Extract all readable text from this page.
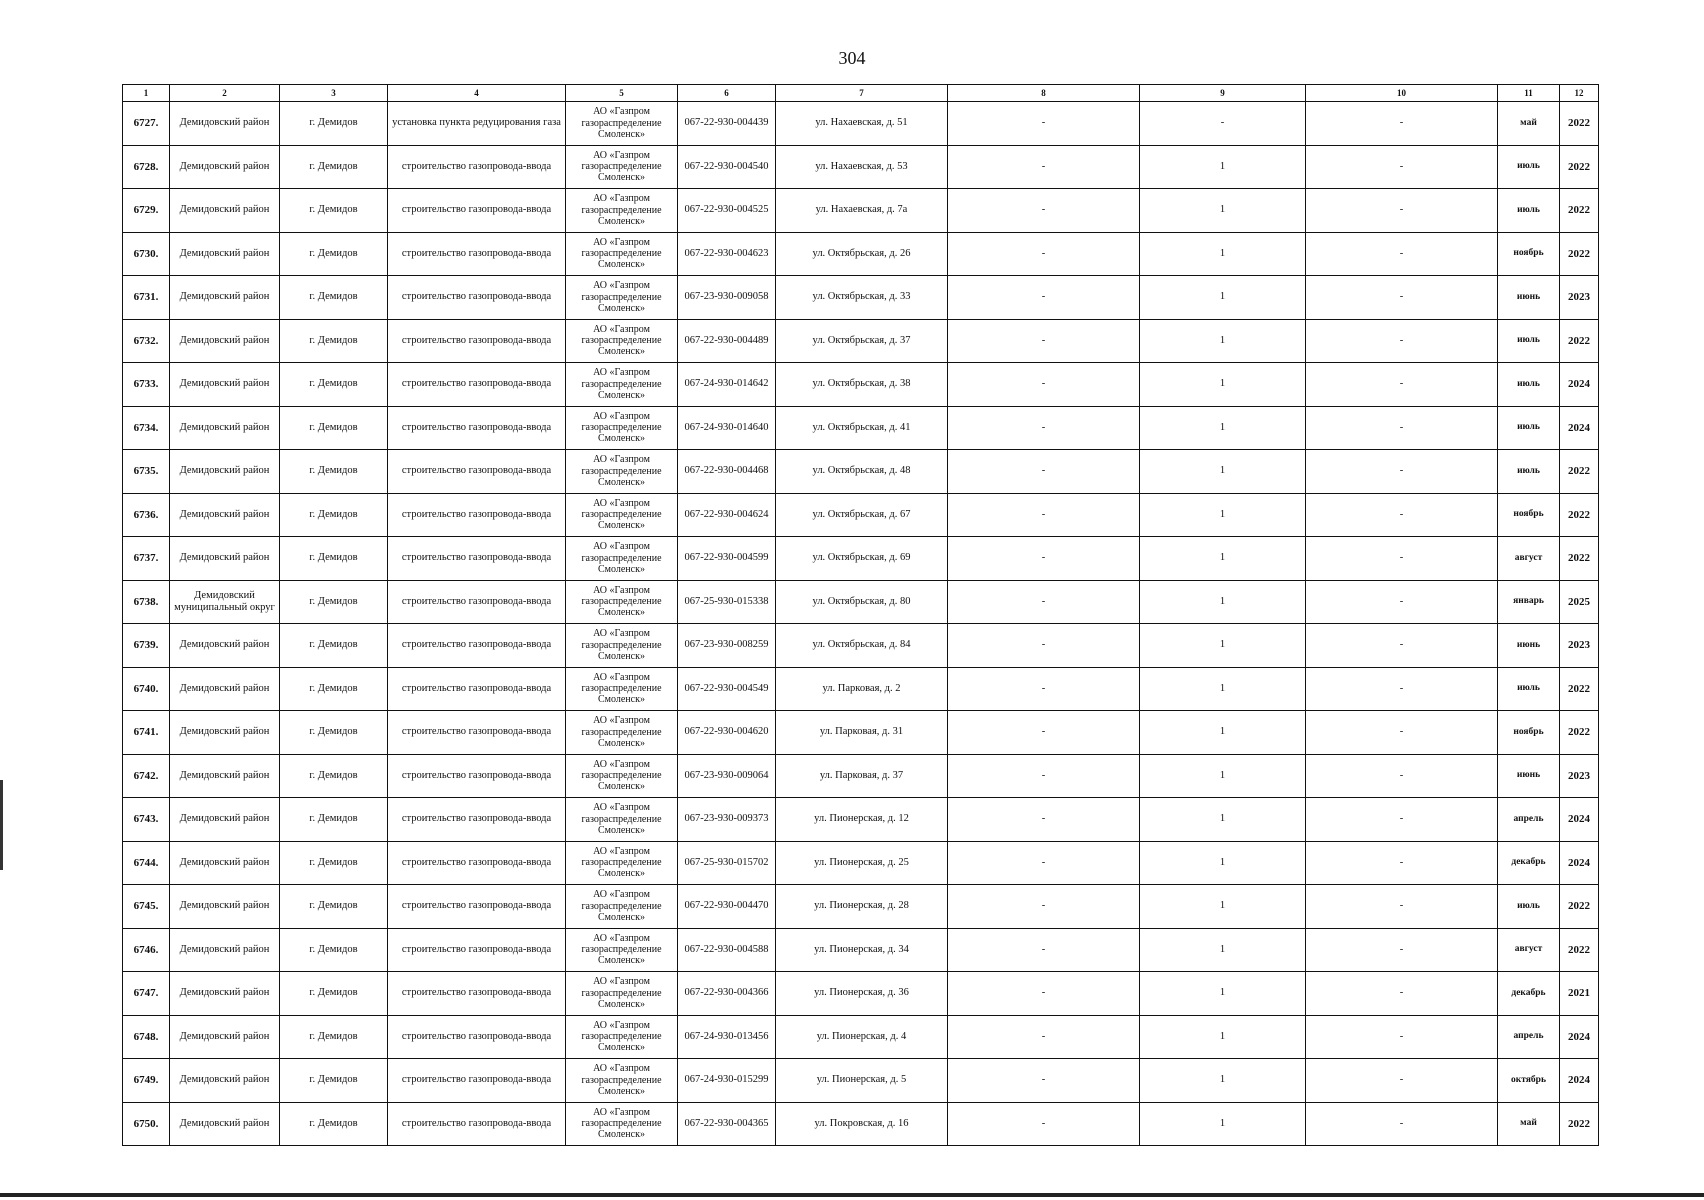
304
1	2	3	4	5	6	7	8	9	10	11	12
6727.	Демидовский район	г. Демидов	установка пункта редуцирования газа	АО «Газпром газораспределение Смоленск»	067-22-930-004439	ул. Нахаевская, д. 51	-	-	-	май	2022
6728.	Демидовский район	г. Демидов	строительство газопровода-ввода	АО «Газпром газораспределение Смоленск»	067-22-930-004540	ул. Нахаевская, д. 53	-	1	-	июль	2022
6729.	Демидовский район	г. Демидов	строительство газопровода-ввода	АО «Газпром газораспределение Смоленск»	067-22-930-004525	ул. Нахаевская, д. 7а	-	1	-	июль	2022
6730.	Демидовский район	г. Демидов	строительство газопровода-ввода	АО «Газпром газораспределение Смоленск»	067-22-930-004623	ул. Октябрьская, д. 26	-	1	-	ноябрь	2022
6731.	Демидовский район	г. Демидов	строительство газопровода-ввода	АО «Газпром газораспределение Смоленск»	067-23-930-009058	ул. Октябрьская, д. 33	-	1	-	июнь	2023
6732.	Демидовский район	г. Демидов	строительство газопровода-ввода	АО «Газпром газораспределение Смоленск»	067-22-930-004489	ул. Октябрьская, д. 37	-	1	-	июль	2022
6733.	Демидовский район	г. Демидов	строительство газопровода-ввода	АО «Газпром газораспределение Смоленск»	067-24-930-014642	ул. Октябрьская, д. 38	-	1	-	июль	2024
6734.	Демидовский район	г. Демидов	строительство газопровода-ввода	АО «Газпром газораспределение Смоленск»	067-24-930-014640	ул. Октябрьская, д. 41	-	1	-	июль	2024
6735.	Демидовский район	г. Демидов	строительство газопровода-ввода	АО «Газпром газораспределение Смоленск»	067-22-930-004468	ул. Октябрьская, д. 48	-	1	-	июль	2022
6736.	Демидовский район	г. Демидов	строительство газопровода-ввода	АО «Газпром газораспределение Смоленск»	067-22-930-004624	ул. Октябрьская, д. 67	-	1	-	ноябрь	2022
6737.	Демидовский район	г. Демидов	строительство газопровода-ввода	АО «Газпром газораспределение Смоленск»	067-22-930-004599	ул. Октябрьская, д. 69	-	1	-	август	2022
6738.	Демидовский муниципальный округ	г. Демидов	строительство газопровода-ввода	АО «Газпром газораспределение Смоленск»	067-25-930-015338	ул. Октябрьская, д. 80	-	1	-	январь	2025
6739.	Демидовский район	г. Демидов	строительство газопровода-ввода	АО «Газпром газораспределение Смоленск»	067-23-930-008259	ул. Октябрьская, д. 84	-	1	-	июнь	2023
6740.	Демидовский район	г. Демидов	строительство газопровода-ввода	АО «Газпром газораспределение Смоленск»	067-22-930-004549	ул. Парковая, д. 2	-	1	-	июль	2022
6741.	Демидовский район	г. Демидов	строительство газопровода-ввода	АО «Газпром газораспределение Смоленск»	067-22-930-004620	ул. Парковая, д. 31	-	1	-	ноябрь	2022
6742.	Демидовский район	г. Демидов	строительство газопровода-ввода	АО «Газпром газораспределение Смоленск»	067-23-930-009064	ул. Парковая, д. 37	-	1	-	июнь	2023
6743.	Демидовский район	г. Демидов	строительство газопровода-ввода	АО «Газпром газораспределение Смоленск»	067-23-930-009373	ул. Пионерская, д. 12	-	1	-	апрель	2024
6744.	Демидовский район	г. Демидов	строительство газопровода-ввода	АО «Газпром газораспределение Смоленск»	067-25-930-015702	ул. Пионерская, д. 25	-	1	-	декабрь	2024
6745.	Демидовский район	г. Демидов	строительство газопровода-ввода	АО «Газпром газораспределение Смоленск»	067-22-930-004470	ул. Пионерская, д. 28	-	1	-	июль	2022
6746.	Демидовский район	г. Демидов	строительство газопровода-ввода	АО «Газпром газораспределение Смоленск»	067-22-930-004588	ул. Пионерская, д. 34	-	1	-	август	2022
6747.	Демидовский район	г. Демидов	строительство газопровода-ввода	АО «Газпром газораспределение Смоленск»	067-22-930-004366	ул. Пионерская, д. 36	-	1	-	декабрь	2021
6748.	Демидовский район	г. Демидов	строительство газопровода-ввода	АО «Газпром газораспределение Смоленск»	067-24-930-013456	ул. Пионерская, д. 4	-	1	-	апрель	2024
6749.	Демидовский район	г. Демидов	строительство газопровода-ввода	АО «Газпром газораспределение Смоленск»	067-24-930-015299	ул. Пионерская, д. 5	-	1	-	октябрь	2024
6750.	Демидовский район	г. Демидов	строительство газопровода-ввода	АО «Газпром газораспределение Смоленск»	067-22-930-004365	ул. Покровская, д. 16	-	1	-	май	2022
